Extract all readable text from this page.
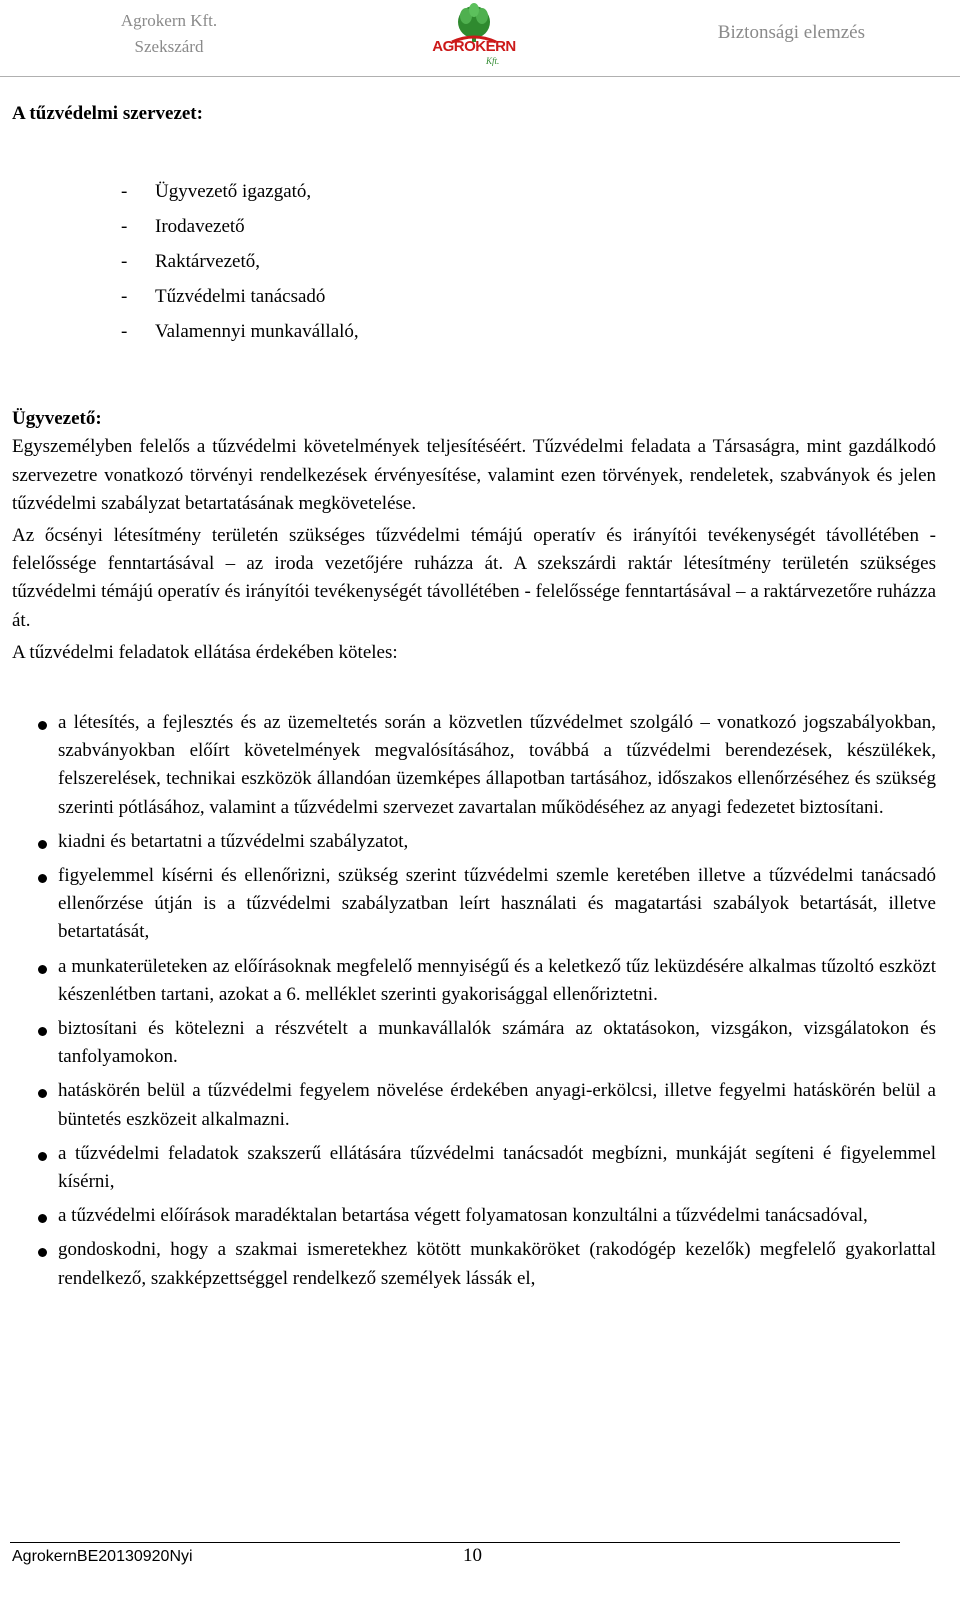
Agrokern Kft.
Szekszárd	AGROKERN
Kft.
Biztonsági elemzés

A tűzvédelmi szervezet:

- Ügyvezető igazgató,
- Irodavezető
- Raktárvezető,
- Tűzvédelmi tanácsadó
- Valamennyi munkavállaló,

Ügyvezető:

Egyszemélyben felelős a tűzvédelmi követelmények teljesítéséért. Tűzvédelmi feladata a Társaságra, mint gazdálkodó szervezetre vonatkozó törvényi rendelkezések érvényesítése, valamint ezen törvények, rendeletek, szabványok és jelen tűzvédelmi szabályzat betartatásának megkövetelése.

Az őcsényi létesítmény területén szükséges tűzvédelmi témájú operatív és irányítói tevékenységét távollétében - felelőssége fenntartásával – az iroda vezetőjére ruházza át. A szekszárdi raktár létesítmény területén szükséges tűzvédelmi témájú operatív és irányítói tevékenységét távollétében - felelőssége fenntartásával – a raktárvezetőre ruházza át.

A tűzvédelmi feladatok ellátása érdekében köteles:

a létesítés, a fejlesztés és az üzemeltetés során a közvetlen tűzvédelmet szolgáló – vonatkozó jogszabályokban, szabványokban előírt követelmények megvalósításához, továbbá a tűzvédelmi berendezések, készülékek, felszerelések, technikai eszközök állandóan üzemképes állapotban tartásához, időszakos ellenőrzéséhez és szükség szerinti pótlásához, valamint a tűzvédelmi szervezet zavartalan működéséhez az anyagi fedezetet biztosítani.
kiadni és betartatni a tűzvédelmi szabályzatot,
figyelemmel kísérni és ellenőrizni, szükség szerint tűzvédelmi szemle keretében illetve a tűzvédelmi tanácsadó ellenőrzése útján is a tűzvédelmi szabályzatban leírt használati és magatartási szabályok betartását, illetve betartatását,
a munkaterületeken az előírásoknak megfelelő mennyiségű és a keletkező tűz leküzdésére alkalmas tűzoltó eszközt készenlétben tartani, azokat a 6. melléklet szerinti gyakorisággal ellenőriztetni.
biztosítani és kötelezni a részvételt a munkavállalók számára az oktatásokon, vizsgákon, vizsgálatokon és tanfolyamokon.
hatáskörén belül a tűzvédelmi fegyelem növelése érdekében anyagi-erkölcsi, illetve fegyelmi hatáskörén belül a büntetés eszközeit alkalmazni.
a tűzvédelmi feladatok szakszerű ellátására tűzvédelmi tanácsadót megbízni, munkáját segíteni é figyelemmel kísérni,
a tűzvédelmi előírások maradéktalan betartása végett folyamatosan konzultálni a tűzvédelmi tanácsadóval,
gondoskodni, hogy a szakmai ismeretekhez kötött munkaköröket (rakodógép kezelők) megfelelő gyakorlattal rendelkező, szakképzettséggel rendelkező személyek lássák el,
AgrokernBE20130920Nyi	10
